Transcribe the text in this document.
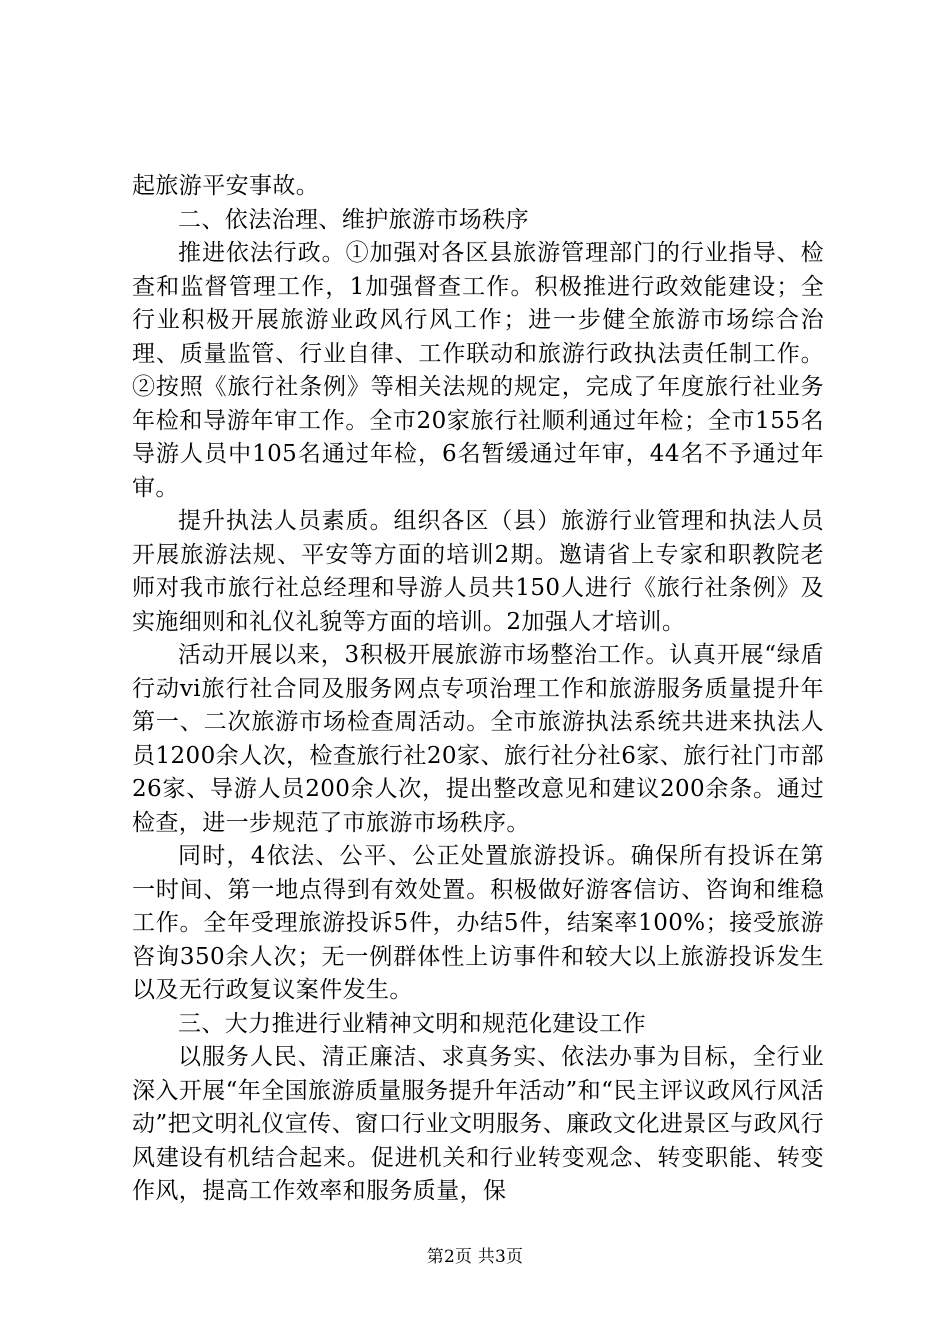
起旅游平安事故。

二、依法治理、维护旅游市场秩序

推进依法行政。①加强对各区县旅游管理部门的行业指导、检查和监督管理工作，1加强督查工作。积极推进行政效能建设；全行业积极开展旅游业政风行风工作；进一步健全旅游市场综合治理、质量监管、行业自律、工作联动和旅游行政执法责任制工作。②按照《旅行社条例》等相关法规的规定，完成了年度旅行社业务年检和导游年审工作。全市20家旅行社顺利通过年检；全市155名导游人员中105名通过年检，6名暂缓通过年审，44名不予通过年审。

提升执法人员素质。组织各区（县）旅游行业管理和执法人员开展旅游法规、平安等方面的培训2期。邀请省上专家和职教院老师对我市旅行社总经理和导游人员共150人进行《旅行社条例》及实施细则和礼仪礼貌等方面的培训。2加强人才培训。

活动开展以来，3积极开展旅游市场整治工作。认真开展“绿盾行动vi旅行社合同及服务网点专项治理工作和旅游服务质量提升年第一、二次旅游市场检查周活动。全市旅游执法系统共进来执法人员1200余人次，检查旅行社20家、旅行社分社6家、旅行社门市部26家、导游人员200余人次，提出整改意见和建议200余条。通过检查，进一步规范了市旅游市场秩序。

同时，4依法、公平、公正处置旅游投诉。确保所有投诉在第一时间、第一地点得到有效处置。积极做好游客信访、咨询和维稳工作。全年受理旅游投诉5件，办结5件，结案率100%；接受旅游咨询350余人次；无一例群体性上访事件和较大以上旅游投诉发生以及无行政复议案件发生。

三、大力推进行业精神文明和规范化建设工作

以服务人民、清正廉洁、求真务实、依法办事为目标，全行业深入开展“年全国旅游质量服务提升年活动”和“民主评议政风行风活动”把文明礼仪宣传、窗口行业文明服务、廉政文化进景区与政风行风建设有机结合起来。促进机关和行业转变观念、转变职能、转变作风，提高工作效率和服务质量，保

第2页 共3页
